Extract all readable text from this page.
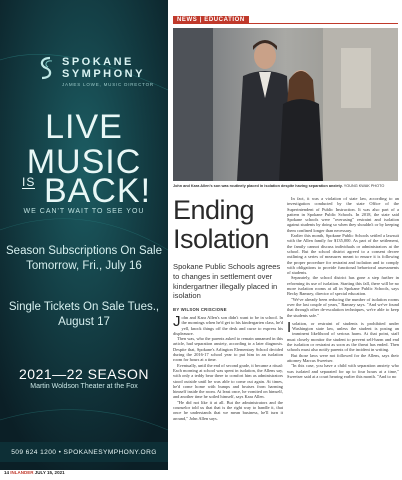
SPOKANE
SYMPHONY
JAMES LOWE, MUSIC DIRECTOR
LIVE
MUSIC
IS BACK!
WE CAN'T WAIT TO SEE YOU
Season Subscriptions On Sale Tomorrow, Fri., July 16
Single Tickets On Sale Tues., August 17
2021—22 SEASON
Martin Woldson Theater at the Fox
509 624 1200 • SPOKANESYMPHONY.ORG
NEWS | EDUCATION
John and Kara Allen's son was routinely placed in isolation despite having separation anxiety. YOUNG KWAK PHOTO
Ending
Isolation
Spokane Public Schools agrees to changes in settlement over kindergartner illegally placed in isolation
BY WILSON CRISCIONE
J ohn and Kara Allen's son didn't want to be in school. In the mornings when he'd get to his kindergarten class, he'd yell, knock things off the desk and curse to express his displeasure.

Then was, who the parents asked to remain unnamed in this article, had separation anxiety, according to a later diagnosis. Despite that, Spokane's Arlington Elementary School decided during the 2016-17 school year to put him in an isolation room for hours at a time.

Eventually, until the end of second grade, it became a ritual: Each morning at school was spent in isolation, the Allens say, with only a teddy bear there to comfort him as administrators stood outside until he was able to come out again. At times, he'd come home with bumps and bruises from harming himself inside the room. At least once, he vomited on himself, and another time he soiled himself, says Kara Allen.

"He did not like it at all. But the administrators and the counselor told us that that is the right way to handle it, that once he understands that we mean business, he'll turn it around," John Allen says.

In fact, it was a violation of state law, according to an investigation conducted by the state Office of the Superintendent of Public Instruction. It was also part of a pattern in Spokane Public Schools. In 2018, the state said Spokane schools were "overusing" restraint and isolation against students by doing so when they shouldn't or by keeping them confined longer than necessary.

Earlier this month, Spokane Public Schools settled a lawsuit with the Allen family for $135,000. As part of the settlement, the family cannot discuss individuals or administrators at the school. But the school district agreed to a consent decree outlining a series of measures meant to ensure it is following the proper procedure for restraint and isolation and to comply with obligations to provide functional behavioral assessments of students.

Separately, the school district has gone a step further in reforming its use of isolation. Starting this fall, there will be no more isolation rooms at all in Spokane Public Schools, says Becky Ramsey, director of special education.

"We've already been reducing the number of isolation rooms over the last couple of years," Ramsey says. "And we've found that through other de-escalation techniques, we're able to keep the students safe."

I solation, or restraint of students is prohibited under Washington state law, unless the student is posing an imminent likelihood of serious harm. At that point, staff must closely monitor the student to prevent self-harm and end the isolation or restraint as soon as the threat has ended. Then schools must also notify parents of the incident in writing.

But those laws were not followed for the Allens, says their attorney Marcus Sweetser.

"In this case, you have a child with separation anxiety who was isolated and separated for up to four hours at a time," Sweetser said at a court hearing earlier this month. "And to no

14 INLANDER JULY 15, 2021
